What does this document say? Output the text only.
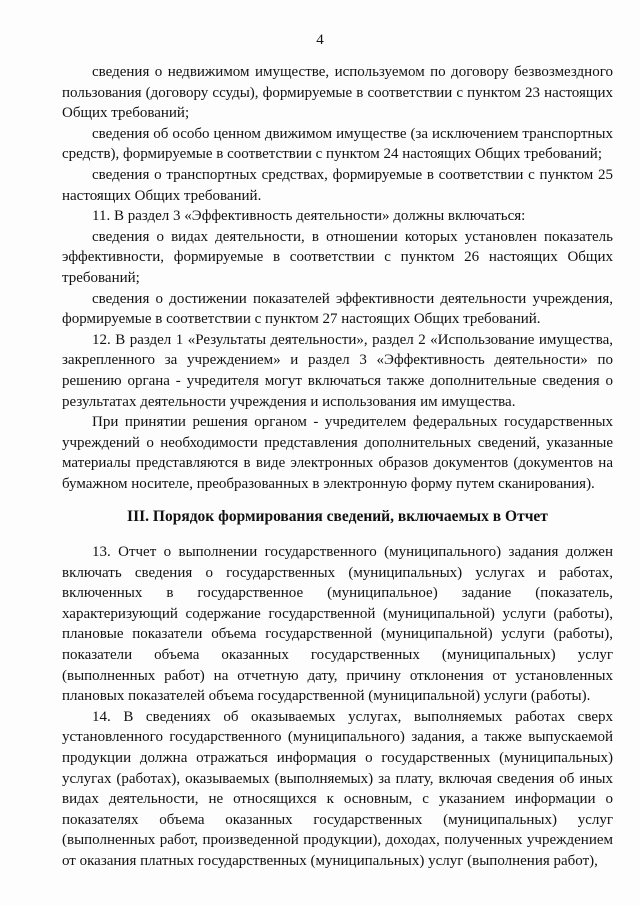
4

сведения о недвижимом имуществе, используемом по договору безвозмездного пользования (договору ссуды), формируемые в соответствии с пунктом 23 настоящих Общих требований;

сведения об особо ценном движимом имуществе (за исключением транспортных средств), формируемые в соответствии с пунктом 24 настоящих Общих требований;

сведения о транспортных средствах, формируемые в соответствии с пунктом 25 настоящих Общих требований.

11. В раздел 3 «Эффективность деятельности» должны включаться:

сведения о видах деятельности, в отношении которых установлен показатель эффективности, формируемые в соответствии с пунктом 26 настоящих Общих требований;

сведения о достижении показателей эффективности деятельности учреждения, формируемые в соответствии с пунктом 27 настоящих Общих требований.

12. В раздел 1 «Результаты деятельности», раздел 2 «Использование имущества, закрепленного за учреждением» и раздел 3 «Эффективность деятельности» по решению органа - учредителя могут включаться также дополнительные сведения о результатах деятельности учреждения и использования им имущества.

При принятии решения органом - учредителем федеральных государственных учреждений о необходимости представления дополнительных сведений, указанные материалы представляются в виде электронных образов документов (документов на бумажном носителе, преобразованных в электронную форму путем сканирования).

III. Порядок формирования сведений, включаемых в Отчет

13. Отчет о выполнении государственного (муниципального) задания должен включать сведения о государственных (муниципальных) услугах и работах, включенных в государственное (муниципальное) задание (показатель, характеризующий содержание государственной (муниципальной) услуги (работы), плановые показатели объема государственной (муниципальной) услуги (работы), показатели объема оказанных государственных (муниципальных) услуг (выполненных работ) на отчетную дату, причину отклонения от установленных плановых показателей объема государственной (муниципальной) услуги (работы).

14. В сведениях об оказываемых услугах, выполняемых работах сверх установленного государственного (муниципального) задания, а также выпускаемой продукции должна отражаться информация о государственных (муниципальных) услугах (работах), оказываемых (выполняемых) за плату, включая сведения об иных видах деятельности, не относящихся к основным, с указанием информации о показателях объема оказанных государственных (муниципальных) услуг (выполненных работ, произведенной продукции), доходах, полученных учреждением от оказания платных государственных (муниципальных) услуг (выполнения работ),
